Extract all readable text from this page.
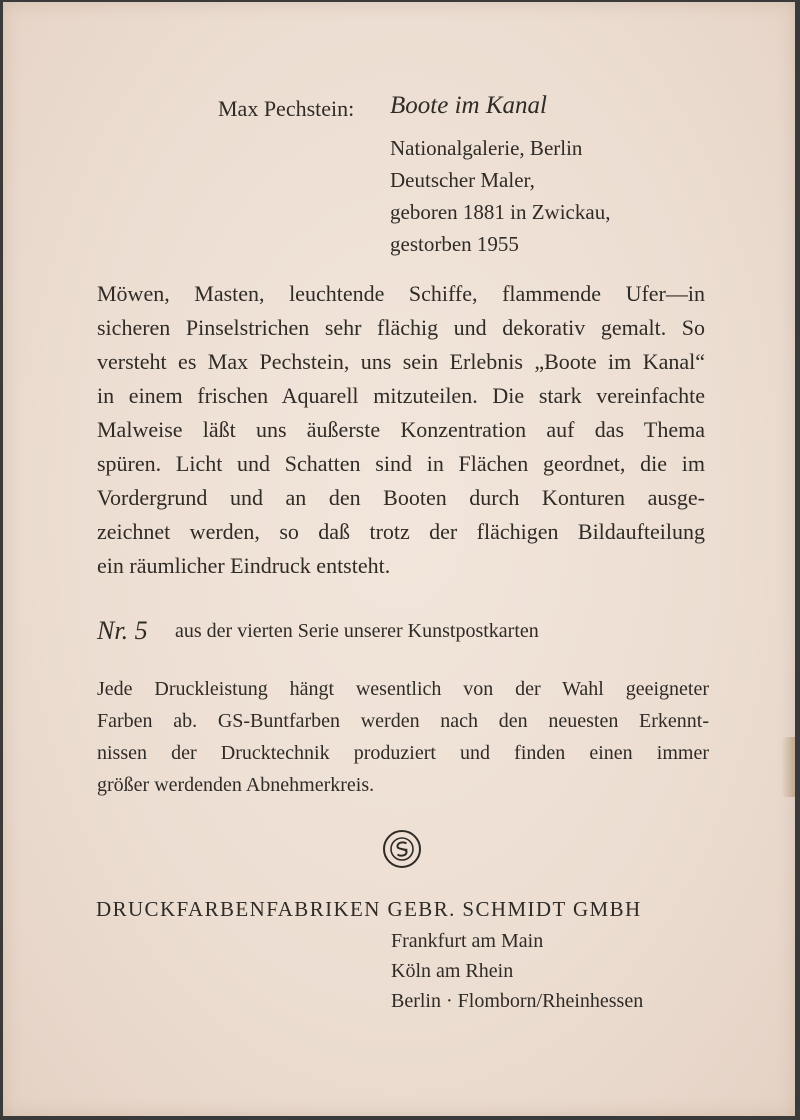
Max Pechstein: Boote im Kanal
Nationalgalerie, Berlin
Deutscher Maler,
geboren 1881 in Zwickau,
gestorben 1955
Möwen, Masten, leuchtende Schiffe, flammende Ufer—in
sicheren Pinselstrichen sehr flächig und dekorativ gemalt. So
versteht es Max Pechstein, uns sein Erlebnis „Boote im Kanal“
in einem frischen Aquarell mitzuteilen. Die stark vereinfachte
Malweise läßt uns äußerste Konzentration auf das Thema
spüren. Licht und Schatten sind in Flächen geordnet, die im
Vordergrund und an den Booten durch Konturen ausge-
zeichnet werden, so daß trotz der flächigen Bildaufteilung
ein räumlicher Eindruck entsteht.
Nr. 5 aus der vierten Serie unserer Kunstpostkarten
Jede Druckleistung hängt wesentlich von der Wahl geeigneter
Farben ab. GS-Buntfarben werden nach den neuesten Erkennt-
nissen der Drucktechnik produziert und finden einen immer
größer werdenden Abnehmerkreis.
DRUCKFARBENFABRIKEN GEBR. SCHMIDT GMBH
Frankfurt am Main
Köln am Rhein
Berlin · Flomborn/Rheinhessen
